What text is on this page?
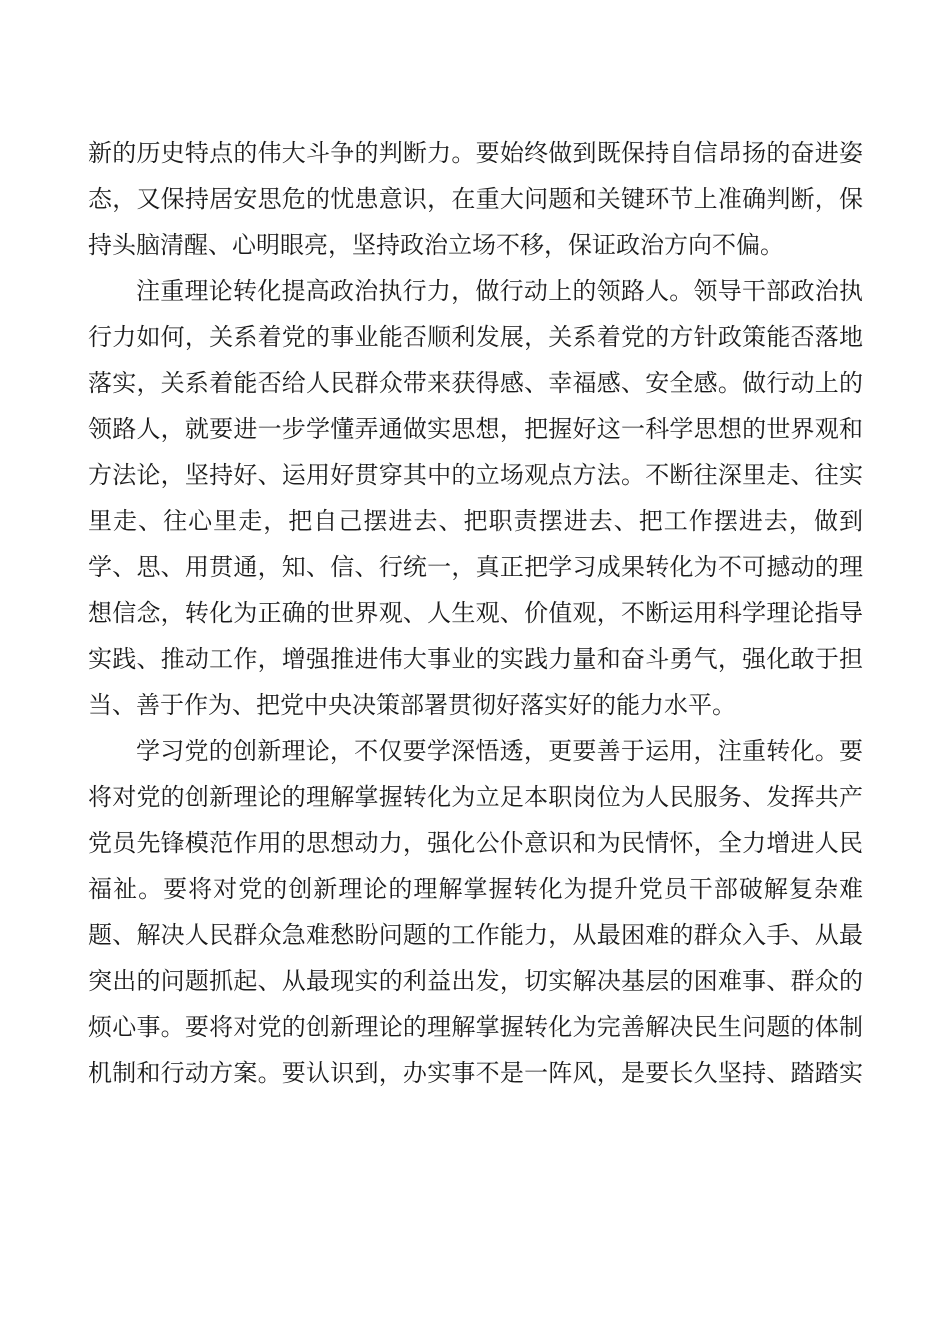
新的历史特点的伟大斗争的判断力。要始终做到既保持自信昂扬的奋进姿
态，又保持居安思危的忧患意识，在重大问题和关键环节上准确判断，保
持头脑清醒、心明眼亮，坚持政治立场不移，保证政治方向不偏。
注重理论转化提高政治执行力，做行动上的领路人。领导干部政治执
行力如何，关系着党的事业能否顺利发展，关系着党的方针政策能否落地
落实，关系着能否给人民群众带来获得感、幸福感、安全感。做行动上的
领路人，就要进一步学懂弄通做实思想，把握好这一科学思想的世界观和
方法论，坚持好、运用好贯穿其中的立场观点方法。不断往深里走、往实
里走、往心里走，把自己摆进去、把职责摆进去、把工作摆进去，做到
学、思、用贯通，知、信、行统一，真正把学习成果转化为不可撼动的理
想信念，转化为正确的世界观、人生观、价值观，不断运用科学理论指导
实践、推动工作，增强推进伟大事业的实践力量和奋斗勇气，强化敢于担
当、善于作为、把党中央决策部署贯彻好落实好的能力水平。
学习党的创新理论，不仅要学深悟透，更要善于运用，注重转化。要
将对党的创新理论的理解掌握转化为立足本职岗位为人民服务、发挥共产
党员先锋模范作用的思想动力，强化公仆意识和为民情怀，全力增进人民
福祉。要将对党的创新理论的理解掌握转化为提升党员干部破解复杂难
题、解决人民群众急难愁盼问题的工作能力，从最困难的群众入手、从最
突出的问题抓起、从最现实的利益出发，切实解决基层的困难事、群众的
烦心事。要将对党的创新理论的理解掌握转化为完善解决民生问题的体制
机制和行动方案。要认识到，办实事不是一阵风，是要长久坚持、踏踏实
